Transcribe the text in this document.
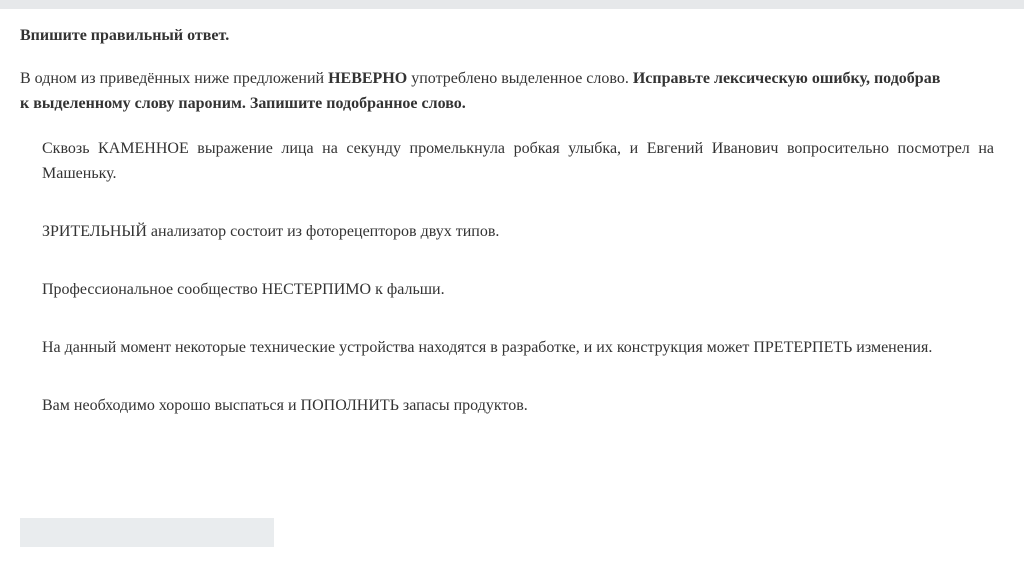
Впишите правильный ответ.

В одном из приведённых ниже предложений НЕВЕРНО употреблено выделенное слово. Исправьте лексическую ошибку, подобрав
к выделенному слову пароним. Запишите подобранное слово.

Сквозь КАМЕННОЕ выражение лица на секунду промелькнула робкая улыбка, и Евгений Иванович вопросительно посмотрел на Машеньку.

ЗРИТЕЛЬНЫЙ анализатор состоит из фоторецепторов двух типов.

Профессиональное сообщество НЕСТЕРПИМО к фальши.

На данный момент некоторые технические устройства находятся в разработке, и их конструкция может ПРЕТЕРПЕТЬ изменения.

Вам необходимо хорошо выспаться и ПОПОЛНИТЬ запасы продуктов.
